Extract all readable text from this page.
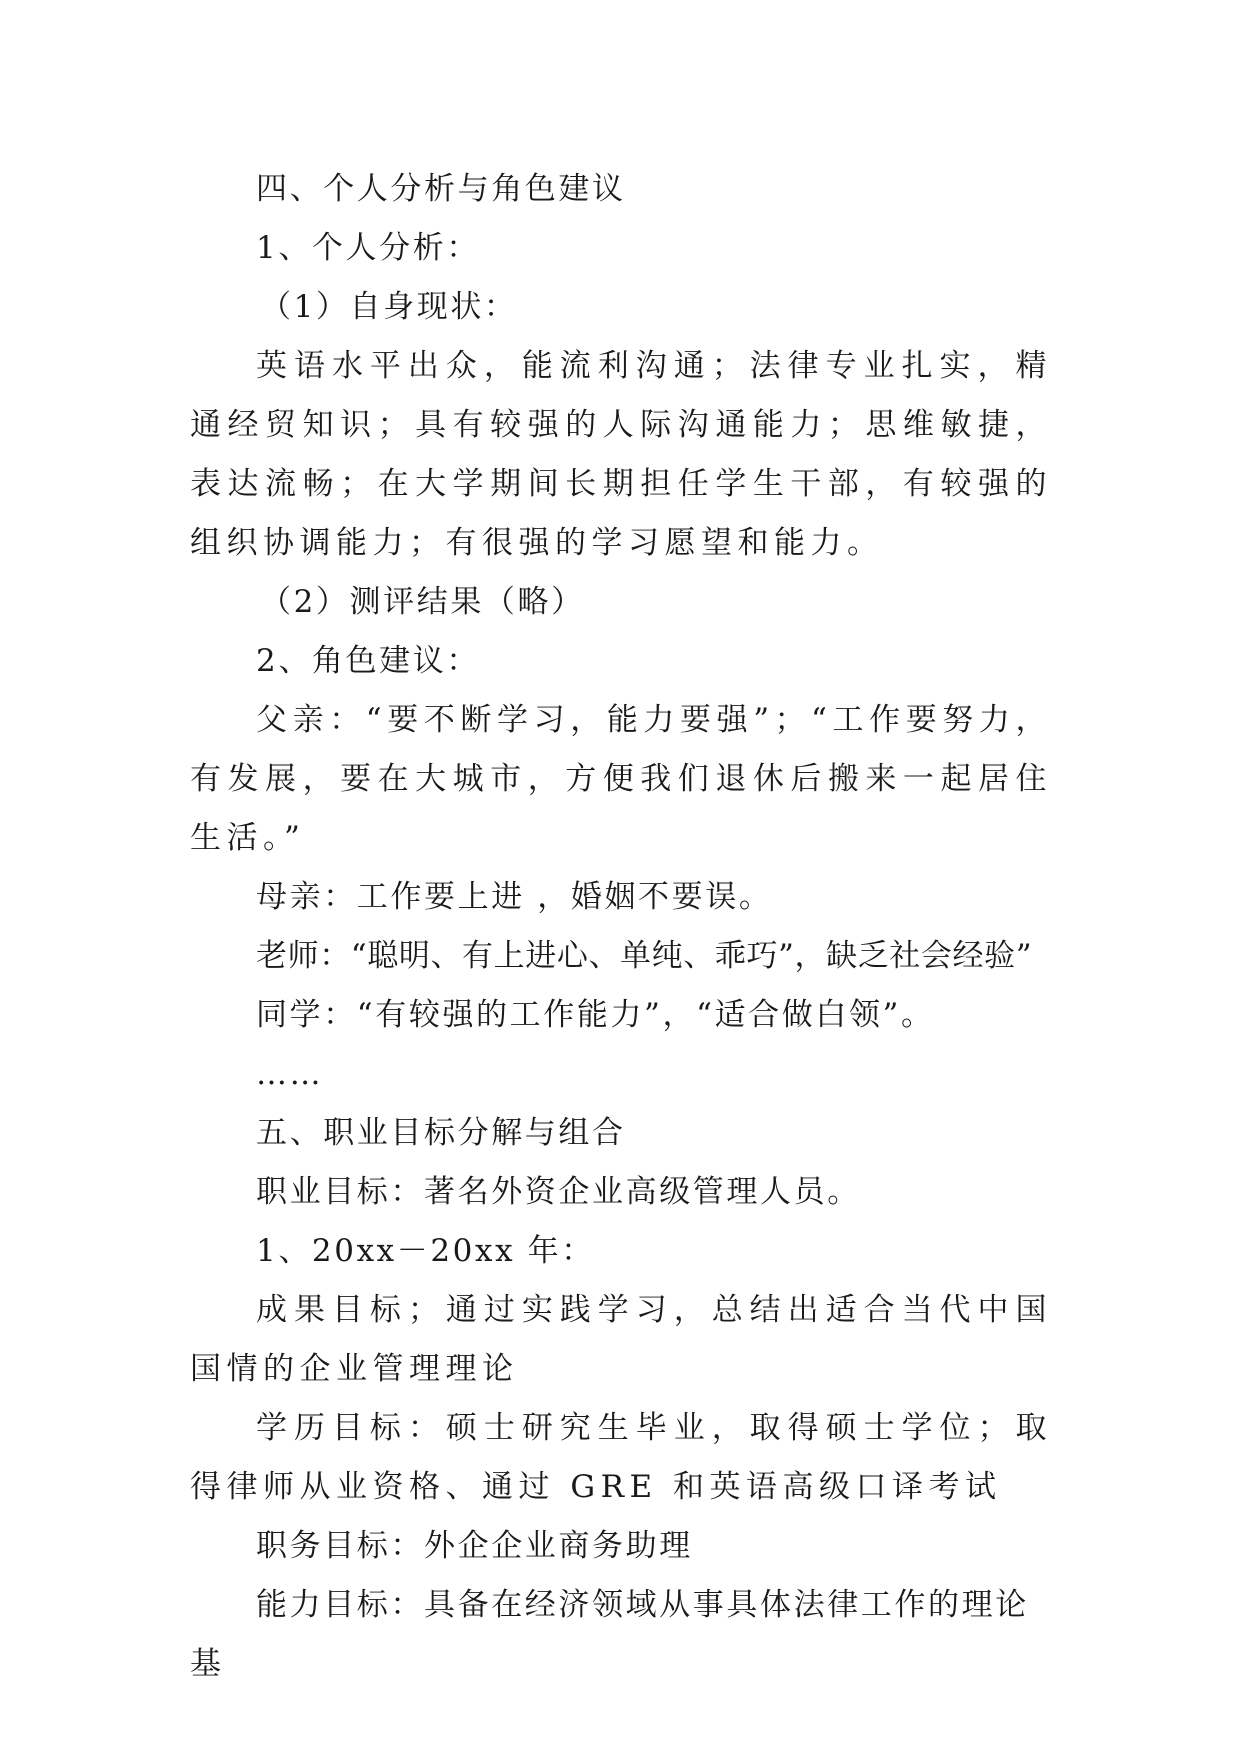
四、个人分析与角色建议

1、个人分析：

（1）自身现状：

英语水平出众，能流利沟通；法律专业扎实，精通经贸知识；具有较强的人际沟通能力；思维敏捷，表达流畅；在大学期间长期担任学生干部，有较强的组织协调能力；有很强的学习愿望和能力。

（2）测评结果（略）

2、角色建议：

父亲：“要不断学习，能力要强”；“工作要努力，有发展，要在大城市，方便我们退休后搬来一起居住生活。”

母亲：工作要上进 ，婚姻不要误。

老师：“聪明、有上进心、单纯、乖巧”，缺乏社会经验”

同学：“有较强的工作能力”，“适合做白领”。

……

五、职业目标分解与组合

职业目标：著名外资企业高级管理人员。

1、20xx－20xx 年：

成果目标；通过实践学习，总结出适合当代中国国情的企业管理理论

学历目标：硕士研究生毕业，取得硕士学位；取得律师从业资格、通过 GRE 和英语高级口译考试

职务目标：外企企业商务助理

能力目标：具备在经济领域从事具体法律工作的理论基
